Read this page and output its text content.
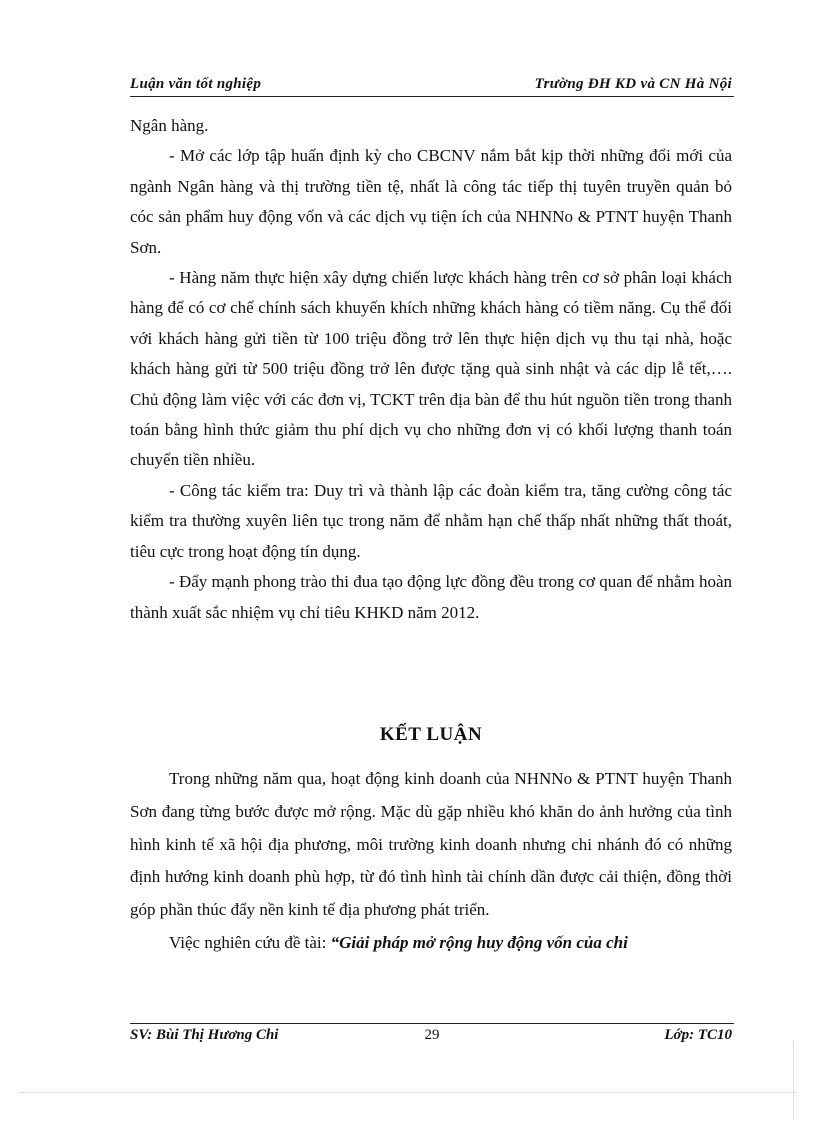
Luận văn tốt nghiệp	Trường ĐH KD và CN Hà Nội

Ngân hàng.

- Mở các lớp tập huấn định kỳ cho CBCNV nắm bắt kịp thời những đổi mới của ngành Ngân hàng và thị trường tiền tệ, nhất là công tác tiếp thị tuyên truyền quản bỏ cóc sản phẩm huy động vốn và các dịch vụ tiện ích của NHNNo & PTNT huyện Thanh Sơn.

- Hàng năm thực hiện xây dựng chiến lược khách hàng trên cơ sở phân loại khách hàng để có cơ chế chính sách khuyến khích những khách hàng có tiềm năng. Cụ thể đối với khách hàng gửi tiền từ 100 triệu đồng trở lên thực hiện dịch vụ thu tại nhà, hoặc khách hàng gửi từ 500 triệu đồng trở lên được tặng quà sinh nhật và các dịp lễ tết,…. Chủ động làm việc với các đơn vị, TCKT trên địa bàn để thu hút nguồn tiền trong thanh toán bằng hình thức giảm thu phí dịch vụ cho những đơn vị có khối lượng thanh toán chuyển tiền nhiều.

- Công tác kiểm tra: Duy trì và thành lập các đoàn kiểm tra, tăng cường công tác kiểm tra thường xuyên liên tục trong năm để nhằm hạn chế thấp nhất những thất thoát, tiêu cực trong hoạt động tín dụng.

- Đẩy mạnh phong trào thi đua tạo động lực đồng đều trong cơ quan để nhằm hoàn thành xuất sắc nhiệm vụ chỉ tiêu KHKD năm 2012.

KẾT LUẬN

Trong những năm qua, hoạt động kinh doanh của NHNNo & PTNT huyện Thanh Sơn đang từng bước được mở rộng. Mặc dù gặp nhiều khó khăn do ảnh hưởng của tình hình kinh tế xã hội địa phương, môi trường kinh doanh nhưng chi nhánh đó có những định hướng kinh doanh phù hợp, từ đó tình hình tài chính dần được cải thiện, đồng thời góp phần thúc đẩy nền kinh tế địa phương phát triển.

Việc nghiên cứu đề tài: “Giải pháp mở rộng huy động vốn của chi

SV: Bùi Thị Hương Chi	29	Lớp: TC10
